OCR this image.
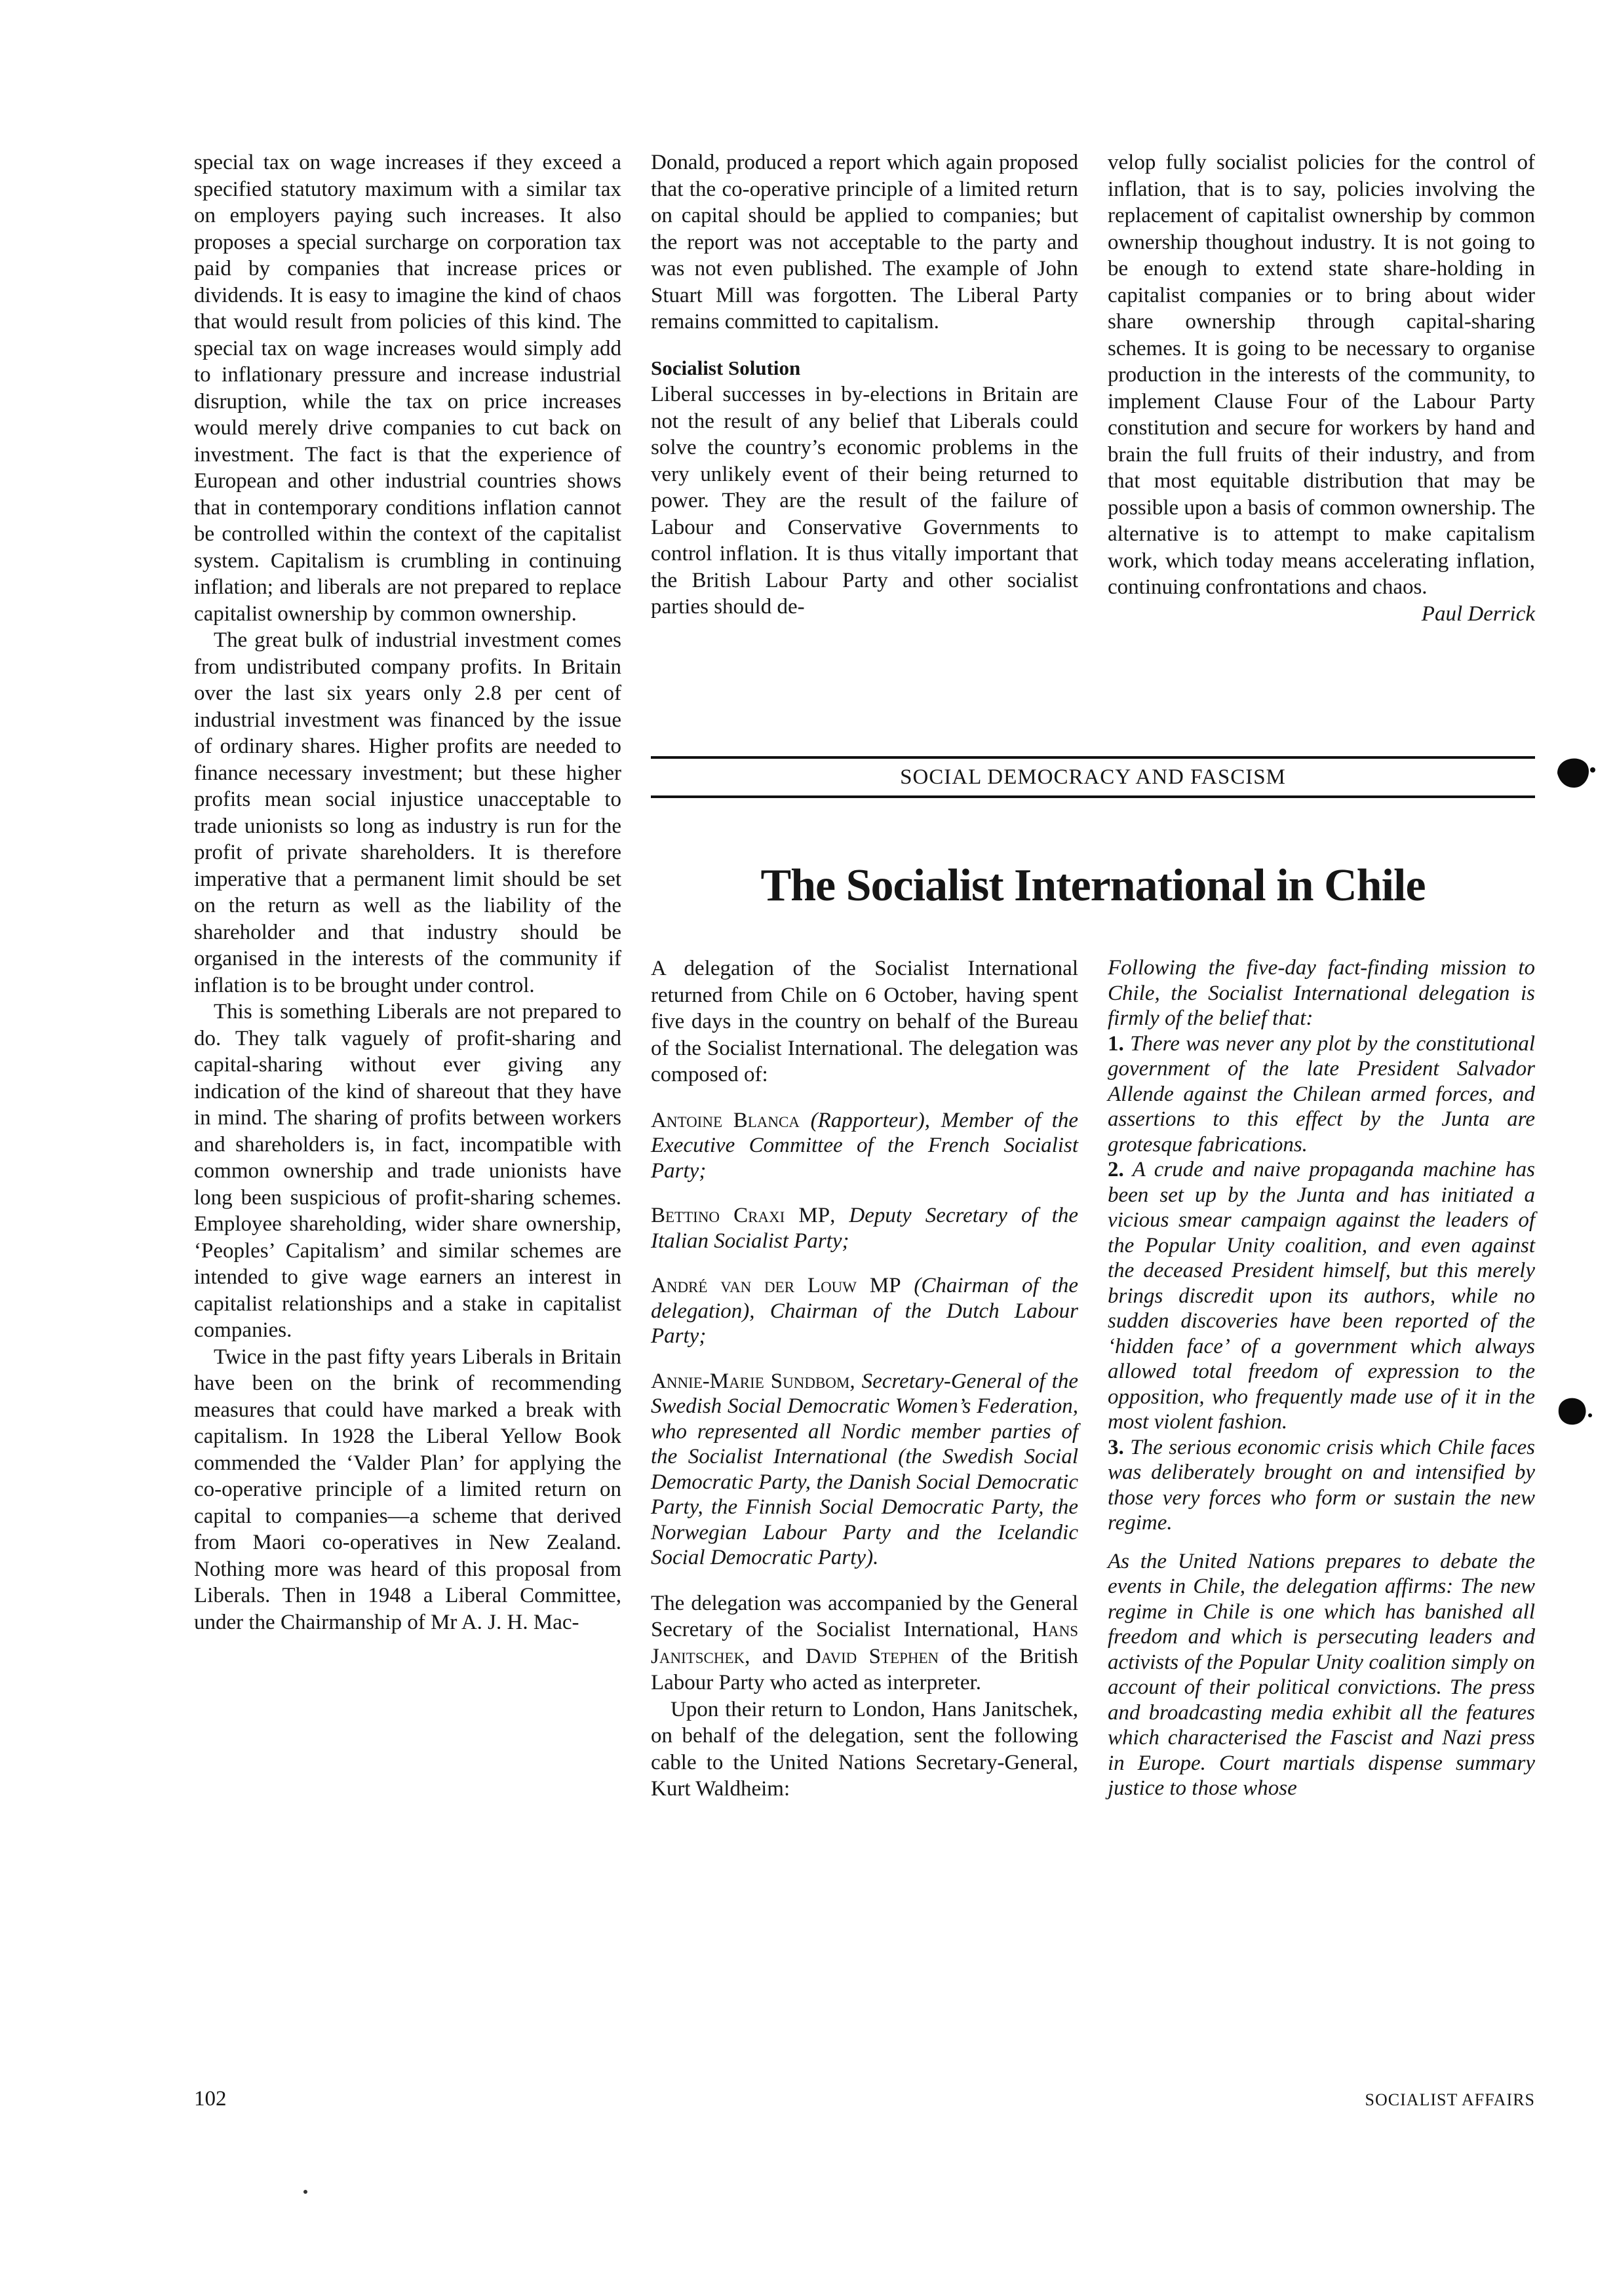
special tax on wage increases if they exceed a specified statutory maximum with a similar tax on employers paying such increases. It also proposes a special surcharge on corporation tax paid by companies that increase prices or dividends. It is easy to imagine the kind of chaos that would result from policies of this kind. The special tax on wage increases would simply add to inflationary pressure and increase industrial disruption, while the tax on price increases would merely drive companies to cut back on investment. The fact is that the experience of European and other industrial countries shows that in contemporary conditions inflation cannot be controlled within the context of the capitalist system. Capitalism is crumbling in continuing inflation; and liberals are not prepared to replace capitalist ownership by common ownership.

The great bulk of industrial investment comes from undistributed company profits. In Britain over the last six years only 2.8 per cent of industrial investment was financed by the issue of ordinary shares. Higher profits are needed to finance necessary investment; but these higher profits mean social injustice unacceptable to trade unionists so long as industry is run for the profit of private shareholders. It is therefore imperative that a permanent limit should be set on the return as well as the liability of the shareholder and that industry should be organised in the interests of the community if inflation is to be brought under control.

This is something Liberals are not prepared to do. They talk vaguely of profit-sharing and capital-sharing without ever giving any indication of the kind of shareout that they have in mind. The sharing of profits between workers and shareholders is, in fact, incompatible with common ownership and trade unionists have long been suspicious of profit-sharing schemes. Employee shareholding, wider share ownership, ‘Peoples’ Capitalism’ and similar schemes are intended to give wage earners an interest in capitalist relationships and a stake in capitalist companies.

Twice in the past fifty years Liberals in Britain have been on the brink of recommending measures that could have marked a break with capitalism. In 1928 the Liberal Yellow Book commended the ‘Valder Plan’ for applying the co-operative principle of a limited return on capital to companies—a scheme that derived from Maori co-operatives in New Zealand. Nothing more was heard of this proposal from Liberals. Then in 1948 a Liberal Committee, under the Chairmanship of Mr A. J. H. Mac-

Donald, produced a report which again proposed that the co-operative principle of a limited return on capital should be applied to companies; but the report was not acceptable to the party and was not even published. The example of John Stuart Mill was forgotten. The Liberal Party remains committed to capitalism.

Socialist Solution

Liberal successes in by-elections in Britain are not the result of any belief that Liberals could solve the country’s economic problems in the very unlikely event of their being returned to power. They are the result of the failure of Labour and Conservative Governments to control inflation. It is thus vitally important that the British Labour Party and other socialist parties should de-

velop fully socialist policies for the control of inflation, that is to say, policies involving the replacement of capitalist ownership by common ownership thoughout industry. It is not going to be enough to extend state share-holding in capitalist companies or to bring about wider share ownership through capital-sharing schemes. It is going to be necessary to organise production in the interests of the community, to implement Clause Four of the Labour Party constitution and secure for workers by hand and brain the full fruits of their industry, and from that most equitable distribution that may be possible upon a basis of common ownership. The alternative is to attempt to make capitalism work, which today means accelerating inflation, continuing confrontations and chaos.

Paul Derrick

SOCIAL DEMOCRACY AND FASCISM
The Socialist International in Chile

A delegation of the Socialist International returned from Chile on 6 October, having spent five days in the country on behalf of the Bureau of the Socialist International. The delegation was composed of:

Antoine Blanca (Rapporteur), Member of the Executive Committee of the French Socialist Party;

Bettino Craxi MP, Deputy Secretary of the Italian Socialist Party;

André van der Louw MP (Chairman of the delegation), Chairman of the Dutch Labour Party;

Annie-Marie Sundbom, Secretary-General of the Swedish Social Democratic Women’s Federation, who represented all Nordic member parties of the Socialist International (the Swedish Social Democratic Party, the Danish Social Democratic Party, the Finnish Social Democratic Party, the Norwegian Labour Party and the Icelandic Social Democratic Party).

The delegation was accompanied by the General Secretary of the Socialist International, Hans Janitschek, and David Stephen of the British Labour Party who acted as interpreter.

Upon their return to London, Hans Janitschek, on behalf of the delegation, sent the following cable to the United Nations Secretary-General, Kurt Waldheim:

Following the five-day fact-finding mission to Chile, the Socialist International delegation is firmly of the belief that:

1. There was never any plot by the constitutional government of the late President Salvador Allende against the Chilean armed forces, and assertions to this effect by the Junta are grotesque fabrications.

2. A crude and naive propaganda machine has been set up by the Junta and has initiated a vicious smear campaign against the leaders of the Popular Unity coalition, and even against the deceased President himself, but this merely brings discredit upon its authors, while no sudden discoveries have been reported of the ‘hidden face’ of a government which always allowed total freedom of expression to the opposition, who frequently made use of it in the most violent fashion.

3. The serious economic crisis which Chile faces was deliberately brought on and intensified by those very forces who form or sustain the new regime.

As the United Nations prepares to debate the events in Chile, the delegation affirms: The new regime in Chile is one which has banished all freedom and which is persecuting leaders and activists of the Popular Unity coalition simply on account of their political convictions. The press and broadcasting media exhibit all the features which characterised the Fascist and Nazi press in Europe. Court martials dispense summary justice to those whose

102	SOCIALIST AFFAIRS
